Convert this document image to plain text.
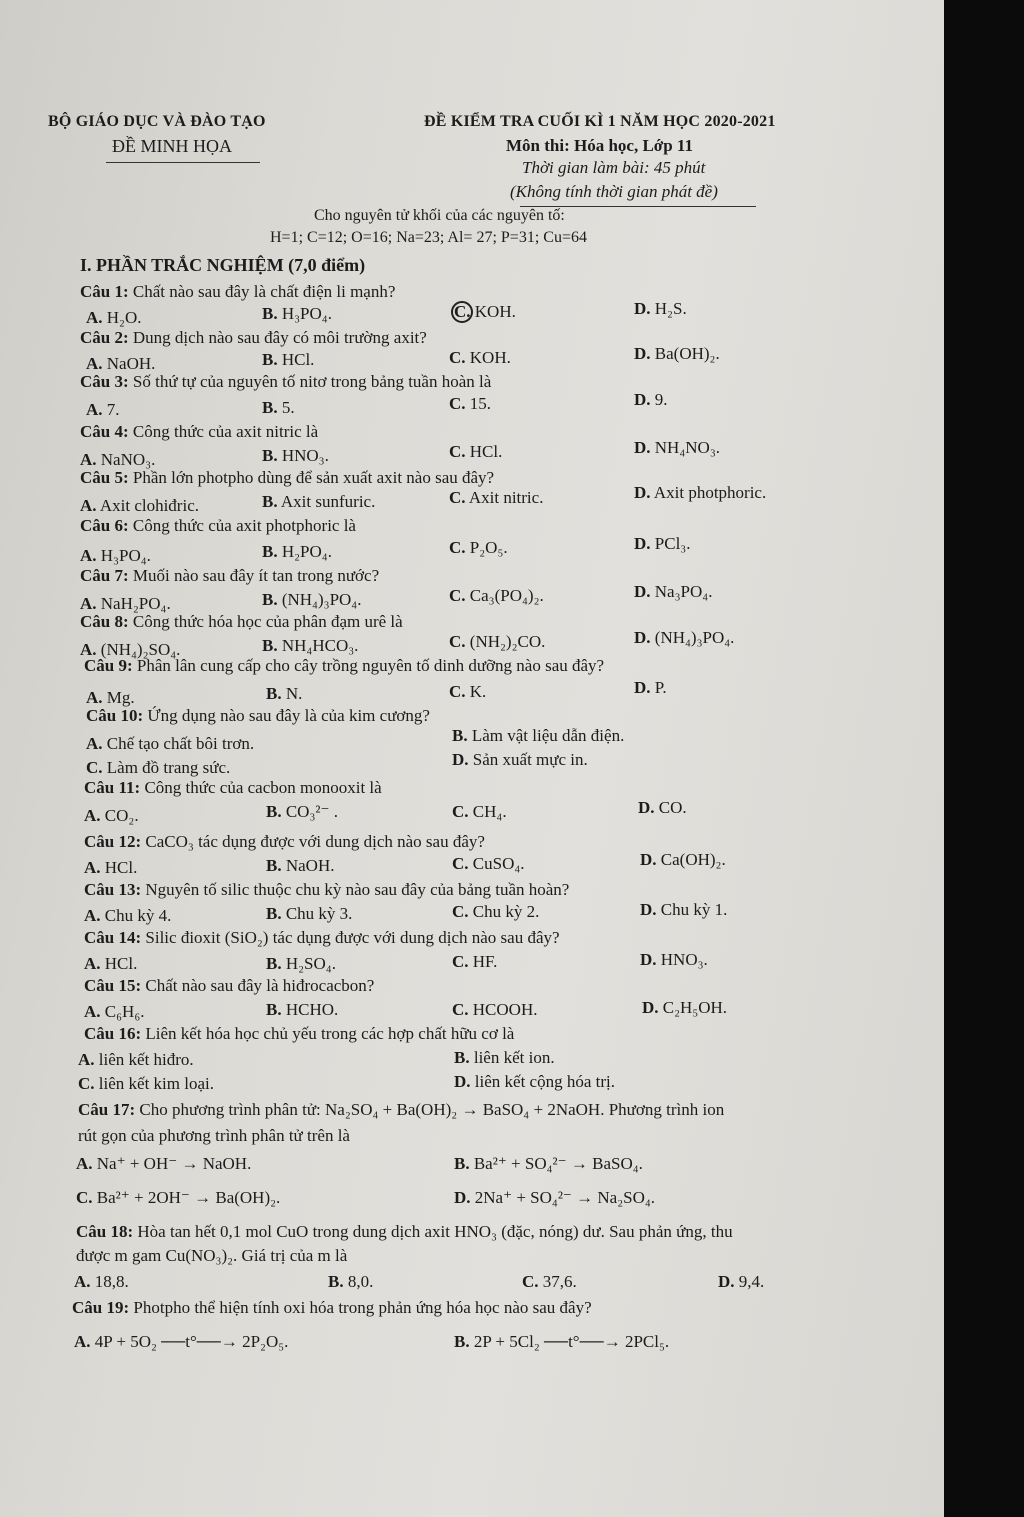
BỘ GIÁO DỤC VÀ ĐÀO TẠO
ĐỀ MINH HỌA
ĐỀ KIỂM TRA CUỐI KÌ 1 NĂM HỌC 2020-2021
Môn thi: Hóa học, Lớp 11
Thời gian làm bài: 45 phút
(Không tính thời gian phát đề)
Cho nguyên tử khối của các nguyên tố:
H=1; C=12; O=16; Na=23; Al= 27; P=31; Cu=64
I. PHẦN TRẮC NGHIỆM (7,0 điểm)
Câu 1: Chất nào sau đây là chất điện li mạnh?
A. H₂O.	B. H₃PO₄.	C. KOH.	D. H₂S.
Câu 2: Dung dịch nào sau đây có môi trường axit?
A. NaOH.	B. HCl.	C. KOH.	D. Ba(OH)₂.
Câu 3: Số thứ tự của nguyên tố nitơ trong bảng tuần hoàn là
A. 7.	B. 5.	C. 15.	D. 9.
Câu 4: Công thức của axit nitric là
A. NaNO₃.	B. HNO₃.	C. HCl.	D. NH₄NO₃.
Câu 5: Phần lớn photpho dùng để sản xuất axit nào sau đây?
A. Axit clohiđric.	B. Axit sunfuric.	C. Axit nitric.	D. Axit photphoric.
Câu 6: Công thức của axit photphoric là
A. H₃PO₄.	B. H₂PO₄.	C. P₂O₅.	D. PCl₃.
Câu 7: Muối nào sau đây ít tan trong nước?
A. NaH₂PO₄.	B. (NH₄)₃PO₄.	C. Ca₃(PO₄)₂.	D. Na₃PO₄.
Câu 8: Công thức hóa học của phân đạm urê là
A. (NH₄)₂SO₄.	B. NH₄HCO₃.	C. (NH₂)₂CO.	D. (NH₄)₃PO₄.
Câu 9: Phân lân cung cấp cho cây trồng nguyên tố dinh dưỡng nào sau đây?
A. Mg.	B. N.	C. K.	D. P.
Câu 10: Ứng dụng nào sau đây là của kim cương?
A. Chế tạo chất bôi trơn.	B. Làm vật liệu dẫn điện.
C. Làm đồ trang sức.	D. Sản xuất mực in.
Câu 11: Công thức của cacbon monooxit là
A. CO₂.	B. CO₃²⁻ .	C. CH₄.	D. CO.
Câu 12: CaCO₃ tác dụng được với dung dịch nào sau đây?
A. HCl.	B. NaOH.	C. CuSO₄.	D. Ca(OH)₂.
Câu 13: Nguyên tố silic thuộc chu kỳ nào sau đây của bảng tuần hoàn?
A. Chu kỳ 4.	B. Chu kỳ 3.	C. Chu kỳ 2.	D. Chu kỳ 1.
Câu 14: Silic đioxit (SiO₂) tác dụng được với dung dịch nào sau đây?
A. HCl.	B. H₂SO₄.	C. HF.	D. HNO₃.
Câu 15: Chất nào sau đây là hiđrocacbon?
A. C₆H₆.	B. HCHO.	C. HCOOH.	D. C₂H₅OH.
Câu 16: Liên kết hóa học chủ yếu trong các hợp chất hữu cơ là
A. liên kết hiđro.	B. liên kết ion.
C. liên kết kim loại.	D. liên kết cộng hóa trị.
Câu 17: Cho phương trình phân tử: Na₂SO₄ + Ba(OH)₂ → BaSO₄ + 2NaOH. Phương trình ion
rút gọn của phương trình phân tử trên là
A. Na⁺ + OH⁻ → NaOH.	B. Ba²⁺ + SO₄²⁻ → BaSO₄.
C. Ba²⁺ + 2OH⁻ → Ba(OH)₂.	D. 2Na⁺ + SO₄²⁻ → Na₂SO₄.
Câu 18: Hòa tan hết 0,1 mol CuO trong dung dịch axit HNO₃ (đặc, nóng) dư. Sau phản ứng, thu
được m gam Cu(NO₃)₂. Giá trị của m là
A. 18,8.	B. 8,0.	C. 37,6.	D. 9,4.
Câu 19: Photpho thể hiện tính oxi hóa trong phản ứng hóa học nào sau đây?
A. 4P + 5O₂ ──t°──→ 2P₂O₅.	B. 2P + 5Cl₂ ──t°──→ 2PCl₅.
